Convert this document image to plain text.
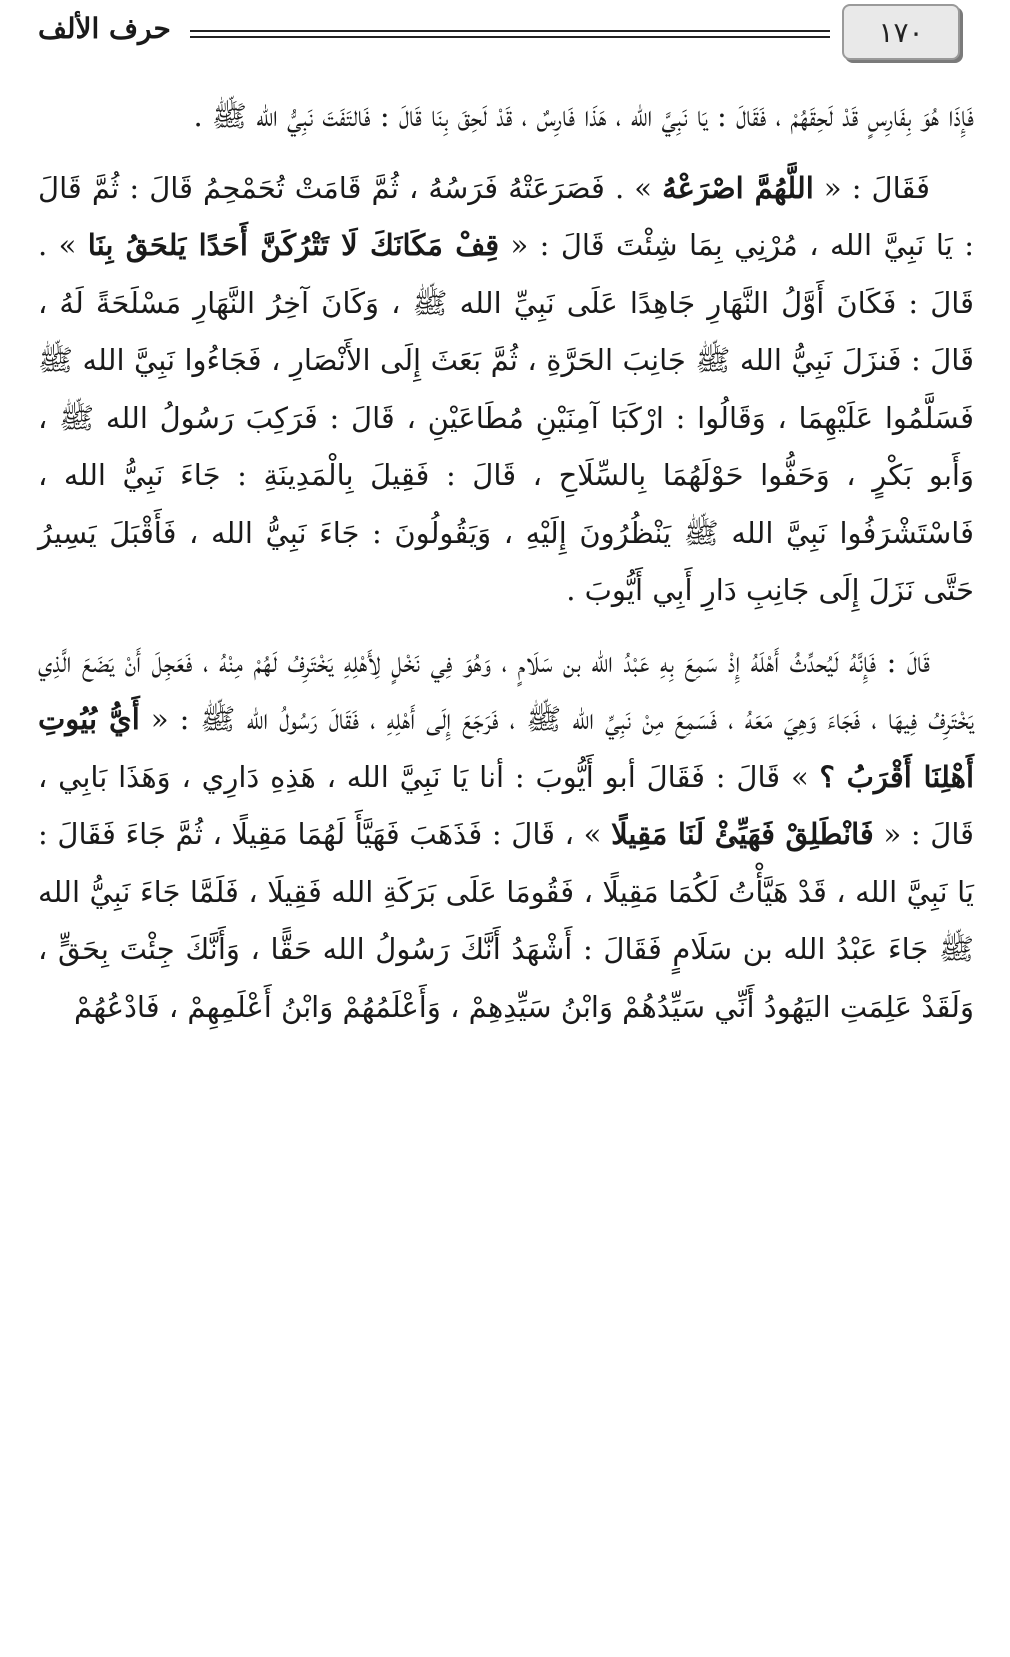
١٧٠
حرف الألف

فَإِذَا هُوَ بِفَارِسٍ قَدْ لَحِقَهُمْ ، فَقَالَ : يَا نَبِيَّ الله ، هَذَا فَارِسٌ ، قَدْ لَحِقَ بِنَا قَالَ : فَالتَفَتَ نَبِيُّ الله ﷺ .

فَقَالَ : « اللَّهُمَّ اصْرَعْهُ » . فَصَرَعَتْهُ فَرَسُهُ ، ثُمَّ قَامَتْ تُحَمْحِمُ قَالَ : ثُمَّ قَالَ : يَا نَبِيَّ الله ، مُرْنِي بِمَا شِئْتَ قَالَ : « قِفْ مَكَانَكَ لَا تَتْرُكَنَّ أَحَدًا يَلحَقُ بِنَا » . قَالَ : فَكَانَ أَوَّلُ النَّهَارِ جَاهِدًا عَلَى نَبِيِّ الله ﷺ ، وَكَانَ آخِرُ النَّهَارِ مَسْلَحَةً لَهُ ، قَالَ : فَنزَلَ نَبِيُّ الله ﷺ جَانِبَ الحَرَّةِ ، ثُمَّ بَعَثَ إِلَى الأَنْصَارِ ، فَجَاءُوا نَبِيَّ الله ﷺ فَسَلَّمُوا عَلَيْهِمَا ، وَقَالُوا : ارْكَبَا آمِنَيْنِ مُطَاعَيْنِ ، قَالَ : فَرَكِبَ رَسُولُ الله ﷺ ، وَأَبو بَكْرٍ ، وَحَفُّوا حَوْلَهُمَا بِالسِّلَاحِ ، قَالَ : فَقِيلَ بِالْمَدِينَةِ : جَاءَ نَبِيُّ الله ، فَاسْتَشْرَفُوا نَبِيَّ الله ﷺ يَنْظُرُونَ إِلَيْهِ ، وَيَقُولُونَ : جَاءَ نَبِيُّ الله ، فَأَقْبَلَ يَسِيرُ حَتَّى نَزَلَ إِلَى جَانِبِ دَارِ أَبِي أَيُّوبَ .

قَالَ : فَإِنَّهُ لَيُحدِّثُ أَهْلَهُ إِذْ سَمِعَ بِهِ عَبْدُ الله بن سَلَامٍ ، وَهُوَ فِي نَخْلٍ لِأَهْلِهِ يَخْتَرِفُ لَهُمْ مِنْهُ ، فَعَجِلَ أَنْ يَضَعَ الَّذِي يَخْتَرِفُ فِيهَا ، فَجَاءَ وَهِيَ مَعَهُ ، فَسَمِعَ مِنْ نَبِيِّ الله ﷺ ، فَرَجَعَ إِلَى أَهْلِهِ ، فَقَالَ رَسُولُ الله ﷺ : « أَيُّ بُيُوتِ أَهْلِنَا أَقْرَبُ ؟ » قَالَ : فَقَالَ أبو أَيُّوبَ : أنا يَا نَبِيَّ الله ، هَذِهِ دَارِي ، وَهَذَا بَابِي ، قَالَ : « فَانْطَلِقْ فَهَيِّئْ لَنَا مَقِيلًا » ، قَالَ : فَذَهَبَ فَهَيَّأَ لَهُمَا مَقِيلًا ، ثُمَّ جَاءَ فَقَالَ : يَا نَبِيَّ الله ، قَدْ هَيَّأْتُ لَكُمَا مَقِيلًا ، فَقُومَا عَلَى بَرَكَةِ الله فَقِيلَا ، فَلَمَّا جَاءَ نَبِيُّ الله ﷺ جَاءَ عَبْدُ الله بن سَلَامٍ فَقَالَ : أَشْهَدُ أَنَّكَ رَسُولُ الله حَقًّا ، وَأَنَّكَ جِئْتَ بِحَقٍّ ، وَلَقَدْ عَلِمَتِ اليَهُودُ أَنِّي سَيِّدُهُمْ وَابْنُ سَيِّدِهِمْ ، وَأَعْلَمُهُمْ وَابْنُ أَعْلَمِهِمْ ، فَادْعُهُمْ
